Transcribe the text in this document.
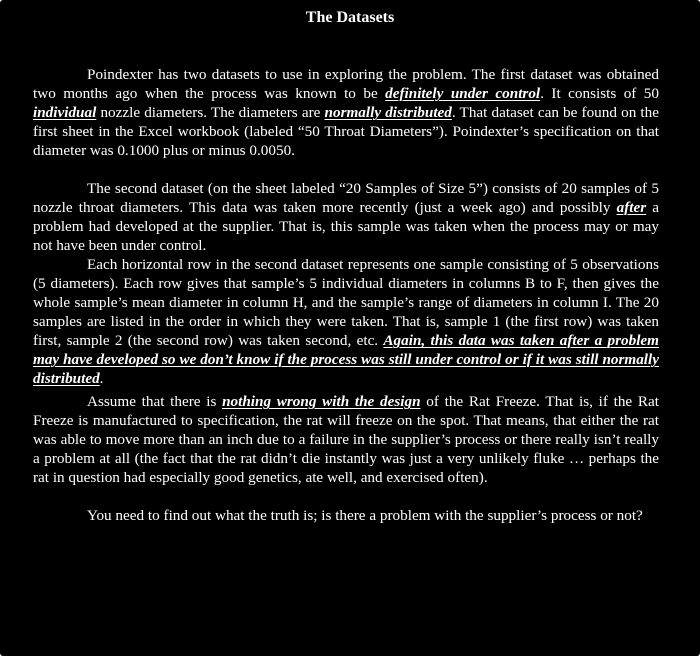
The Datasets

Poindexter has two datasets to use in exploring the problem. The first dataset was obtained two months ago when the process was known to be definitely under control. It consists of 50 individual nozzle diameters. The diameters are normally distributed. That dataset can be found on the first sheet in the Excel workbook (labeled “50 Throat Diameters”). Poindexter’s specification on that diameter was 0.1000 plus or minus 0.0050.

The second dataset (on the sheet labeled “20 Samples of Size 5”) consists of 20 samples of 5 nozzle throat diameters. This data was taken more recently (just a week ago) and possibly after a problem had developed at the supplier. That is, this sample was taken when the process may or may not have been under control.

Each horizontal row in the second dataset represents one sample consisting of 5 observations (5 diameters). Each row gives that sample’s 5 individual diameters in columns B to F, then gives the whole sample’s mean diameter in column H, and the sample’s range of diameters in column I. The 20 samples are listed in the order in which they were taken. That is, sample 1 (the first row) was taken first, sample 2 (the second row) was taken second, etc. Again, this data was taken after a problem may have developed so we don’t know if the process was still under control or if it was still normally distributed.

Assume that there is nothing wrong with the design of the Rat Freeze. That is, if the Rat Freeze is manufactured to specification, the rat will freeze on the spot. That means, that either the rat was able to move more than an inch due to a failure in the supplier’s process or there really isn’t really a problem at all (the fact that the rat didn’t die instantly was just a very unlikely fluke … perhaps the rat in question had especially good genetics, ate well, and exercised often).

You need to find out what the truth is; is there a problem with the supplier’s process or not?
